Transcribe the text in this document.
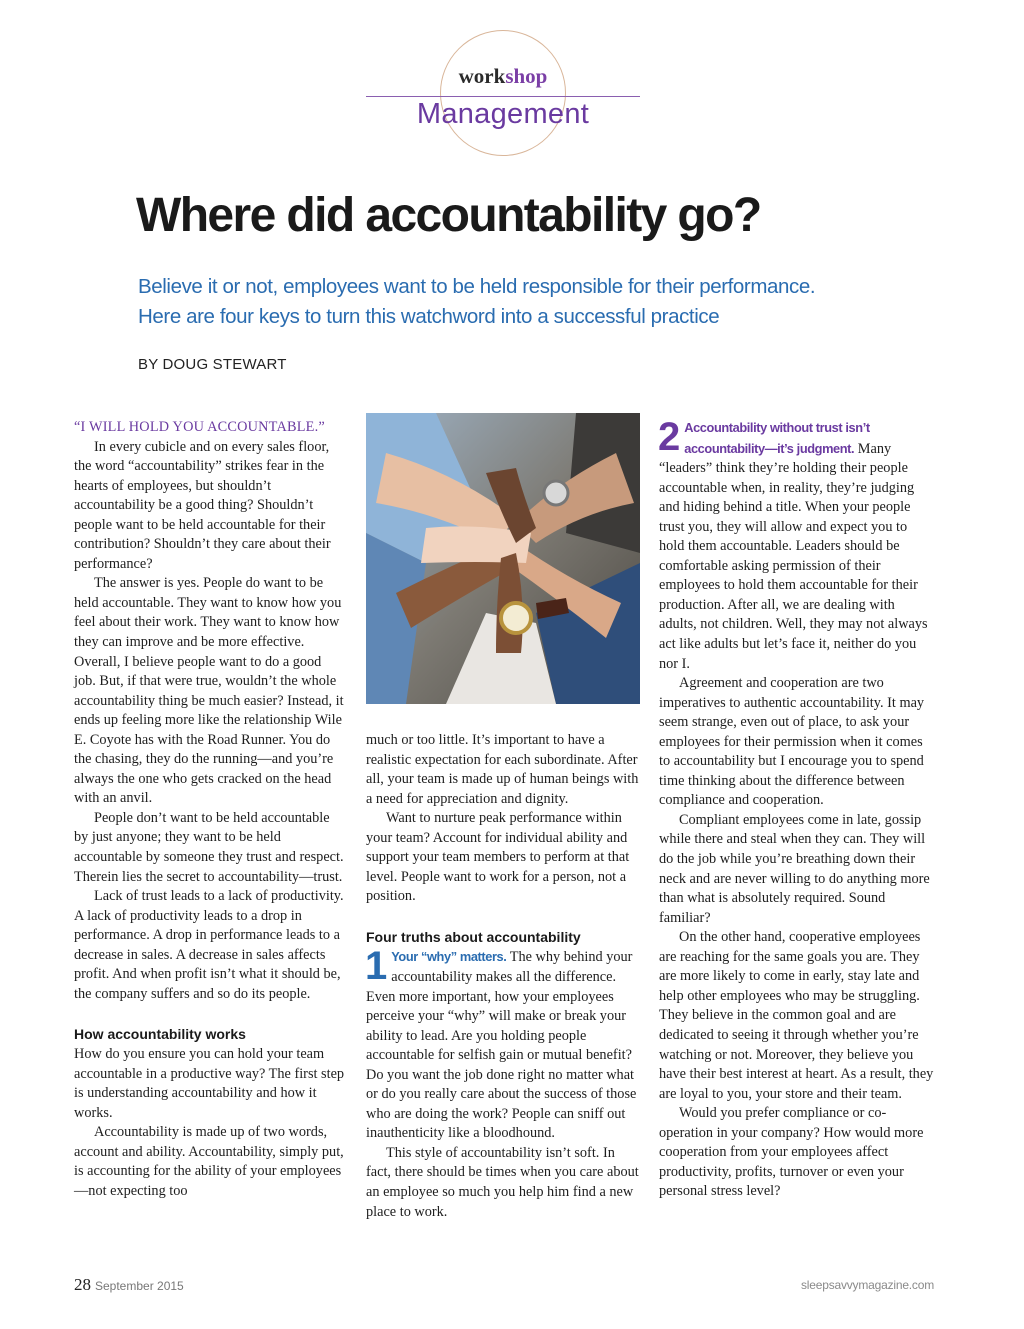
workshop
Management
Where did accountability go?
Believe it or not, employees want to be held responsible for their performance.
Here are four keys to turn this watchword into a successful practice
BY DOUG STEWART

“I WILL HOLD YOU ACCOUNTABLE.”

In every cubicle and on every sales floor, the word “accountability” strikes fear in the hearts of employees, but shouldn’t accountability be a good thing? Shouldn’t people want to be held accountable for their contribution? Shouldn’t they care about their performance?

The answer is yes. People do want to be held accountable. They want to know how you feel about their work. They want to know how they can improve and be more effective. Overall, I believe people want to do a good job. But, if that were true, wouldn’t the whole accountability thing be much easier? Instead, it ends up feeling more like the relationship Wile E. Coyote has with the Road Runner. You do the chasing, they do the running—and you’re always the one who gets cracked on the head with an anvil.

People don’t want to be held accountable by just anyone; they want to be held accountable by someone they trust and respect. Therein lies the secret to accountability—trust.

Lack of trust leads to a lack of productivity. A lack of productivity leads to a drop in performance. A drop in performance leads to a decrease in sales. A decrease in sales affects profit. And when profit isn’t what it should be, the company suffers and so do its people.

How accountability works

How do you ensure you can hold your team accountable in a productive way? The first step is understanding accountability and how it works.

Accountability is made up of two words, account and ability. Accountability, simply put, is accounting for the ability of your employees—not expecting too

much or too little. It’s important to have a realistic expectation for each subordinate. After all, your team is made up of human beings with a need for appreciation and dignity.

Want to nurture peak performance within your team? Account for individual ability and support your team members to perform at that level. People want to work for a person, not a position.

Four truths about accountability
1 Your “why” matters. The why behind your accountability makes all the difference. Even more important, how your employees perceive your “why” will make or break your ability to lead. Are you holding people accountable for selfish gain or mutual benefit? Do you want the job done right no matter what or do you really care about the success of those who are doing the work? People can sniff out inauthenticity like a bloodhound.

This style of accountability isn’t soft. In fact, there should be times when you care about an employee so much you help him find a new place to work.

2 Accountability without trust isn’t accountability—it’s judgment. Many “leaders” think they’re holding their people accountable when, in reality, they’re judging and hiding behind a title. When your people trust you, they will allow and expect you to hold them accountable. Leaders should be comfortable asking permission of their employees to hold them accountable for their production. After all, we are dealing with adults, not children. Well, they may not always act like adults but let’s face it, neither do you nor I.

Agreement and cooperation are two imperatives to authentic accountability. It may seem strange, even out of place, to ask your employees for their permission when it comes to accountability but I encourage you to spend time thinking about the difference between compliance and cooperation.

Compliant employees come in late, gossip while there and steal when they can. They will do the job while you’re breathing down their neck and are never willing to do anything more than what is absolutely required. Sound familiar?

On the other hand, cooperative employees are reaching for the same goals you are. They are more likely to come in early, stay late and help other employees who may be struggling. They believe in the common goal and are dedicated to seeing it through whether you’re watching or not. Moreover, they believe you have their best interest at heart. As a result, they are loyal to you, your store and their team.

Would you prefer compliance or cooperation in your company? How would more cooperation from your employees affect productivity, profits, turnover or even your personal stress level?

28 September 2015	sleepsavvymagazine.com
